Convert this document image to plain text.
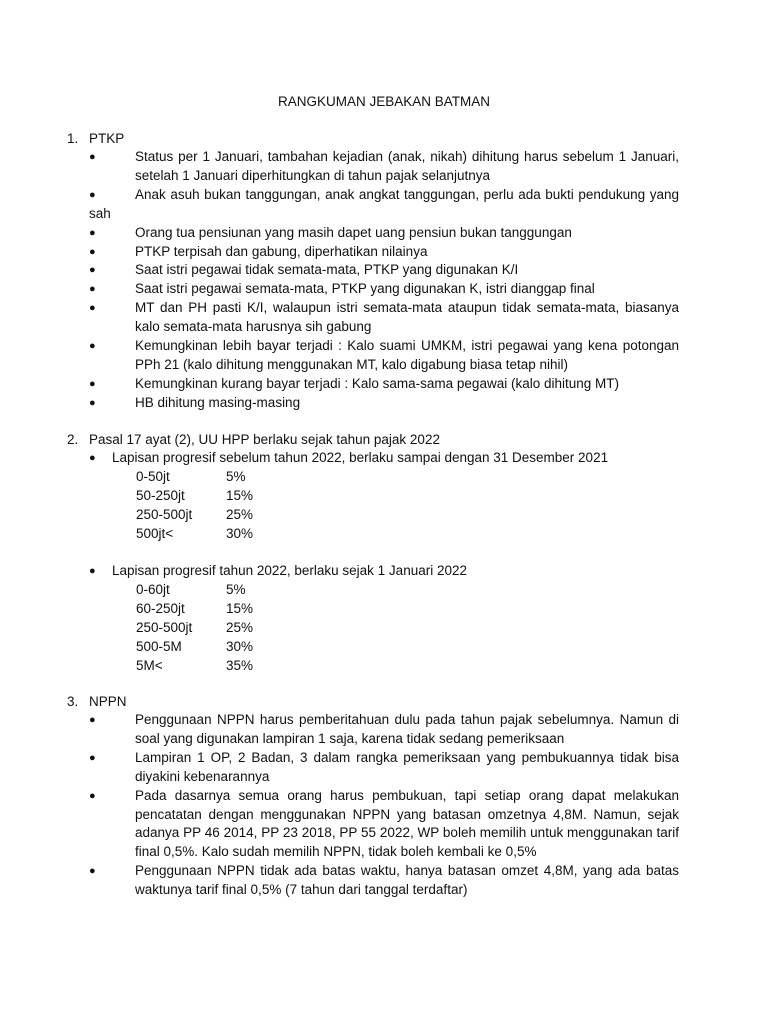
RANGKUMAN JEBAKAN BATMAN
1. PTKP
●	Status per 1 Januari, tambahan kejadian (anak, nikah) dihitung harus sebelum 1 Januari, setelah 1 Januari diperhitungkan di tahun pajak selanjutnya
●	Anak asuh bukan tanggungan, anak angkat tanggungan, perlu ada bukti pendukung yang sah
●	Orang tua pensiunan yang masih dapet uang pensiun bukan tanggungan
●	PTKP terpisah dan gabung, diperhatikan nilainya
●	Saat istri pegawai tidak semata-mata, PTKP yang digunakan K/I
●	Saat istri pegawai semata-mata, PTKP yang digunakan K, istri dianggap final
●	MT dan PH pasti K/I, walaupun istri semata-mata ataupun tidak semata-mata, biasanya kalo semata-mata harusnya sih gabung
●	Kemungkinan lebih bayar terjadi : Kalo suami UMKM, istri pegawai yang kena potongan PPh 21 (kalo dihitung menggunakan MT, kalo digabung biasa tetap nihil)
●	Kemungkinan kurang bayar terjadi : Kalo sama-sama pegawai (kalo dihitung MT)
●	HB dihitung masing-masing
2. Pasal 17 ayat (2), UU HPP berlaku sejak tahun pajak 2022
● Lapisan progresif sebelum tahun 2022, berlaku sampai dengan 31 Desember 2021
0-50jt	5%
50-250jt	15%
250-500jt 25%
500jt<	30%
● Lapisan progresif tahun 2022, berlaku sejak 1 Januari 2022
0-60jt	5%
60-250jt	15%
250-500jt 25%
500-5M	30%
5M<	35%
3. NPPN
●	Penggunaan NPPN harus pemberitahuan dulu pada tahun pajak sebelumnya. Namun di soal yang digunakan lampiran 1 saja, karena tidak sedang pemeriksaan
●	Lampiran 1 OP, 2 Badan, 3 dalam rangka pemeriksaan yang pembukuannya tidak bisa diyakini kebenarannya
●	Pada dasarnya semua orang harus pembukuan, tapi setiap orang dapat melakukan pencatatan dengan menggunakan NPPN yang batasan omzetnya 4,8M. Namun, sejak adanya PP 46 2014, PP 23 2018, PP 55 2022, WP boleh memilih untuk menggunakan tarif final 0,5%. Kalo sudah memilih NPPN, tidak boleh kembali ke 0,5%
●	Penggunaan NPPN tidak ada batas waktu, hanya batasan omzet 4,8M, yang ada batas waktunya tarif final 0,5% (7 tahun dari tanggal terdaftar)
